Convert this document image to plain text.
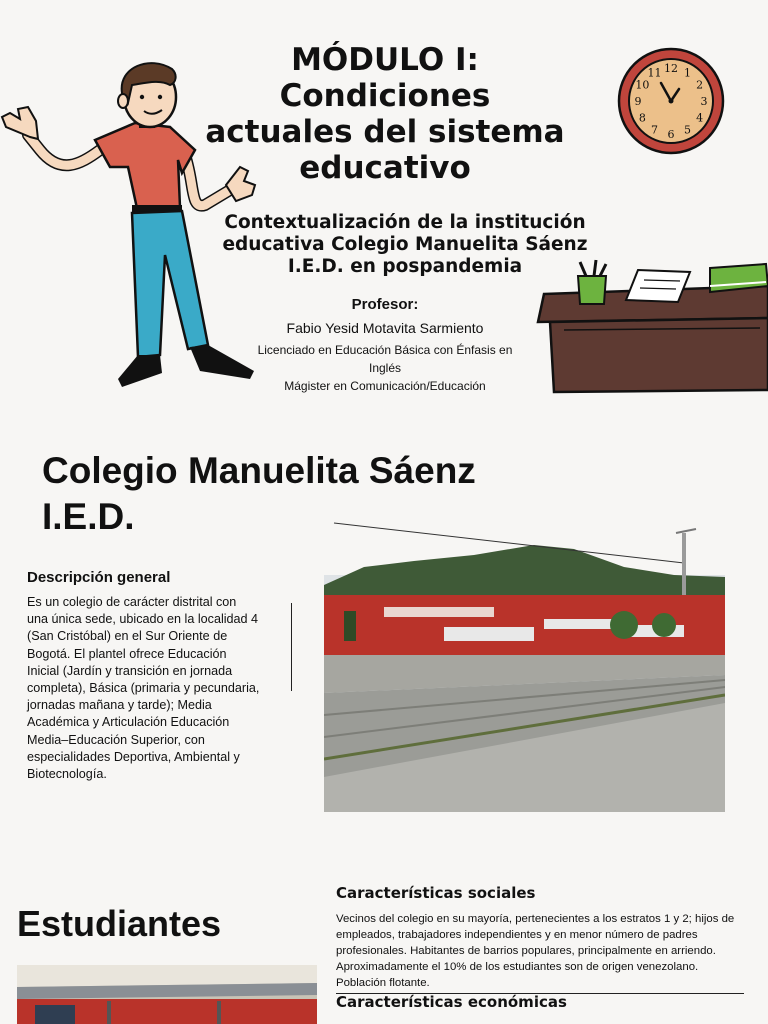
MÓDULO I:
Condiciones
actuales del sistema
educativo
Contextualización de la institución
educativa Colegio Manuelita Sáenz
I.E.D. en pospandemia
Profesor:
Fabio Yesid Motavita Sarmiento
Licenciado en Educación Básica con Énfasis en
Inglés
Mágister en Comunicación/Educación
12 1
2
3
4
5
6
7
8
9
10
11
Colegio Manuelita Sáenz
I.E.D.
Descripción general
Es un colegio de carácter distrital con una única sede, ubicado en la localidad 4 (San Cristóbal) en el Sur Oriente de Bogotá. El plantel ofrece Educación Inicial (Jardín y transición en jornada completa), Básica (primaria y pecundaria, jornadas mañana y tarde); Media Académica y Articulación Educación Media–Educación Superior, con especialidades Deportiva, Ambiental y Biotecnología.
Estudiantes
Características sociales
Vecinos del colegio en su mayoría, pertenecientes a los estratos 1 y 2; hijos de empleados, trabajadores independientes y en menor número de padres profesionales. Habitantes de barrios populares, principalmente en arriendo. Aproximadamente el 10% de los estudiantes son de origen venezolano. Población flotante.
Características económicas
